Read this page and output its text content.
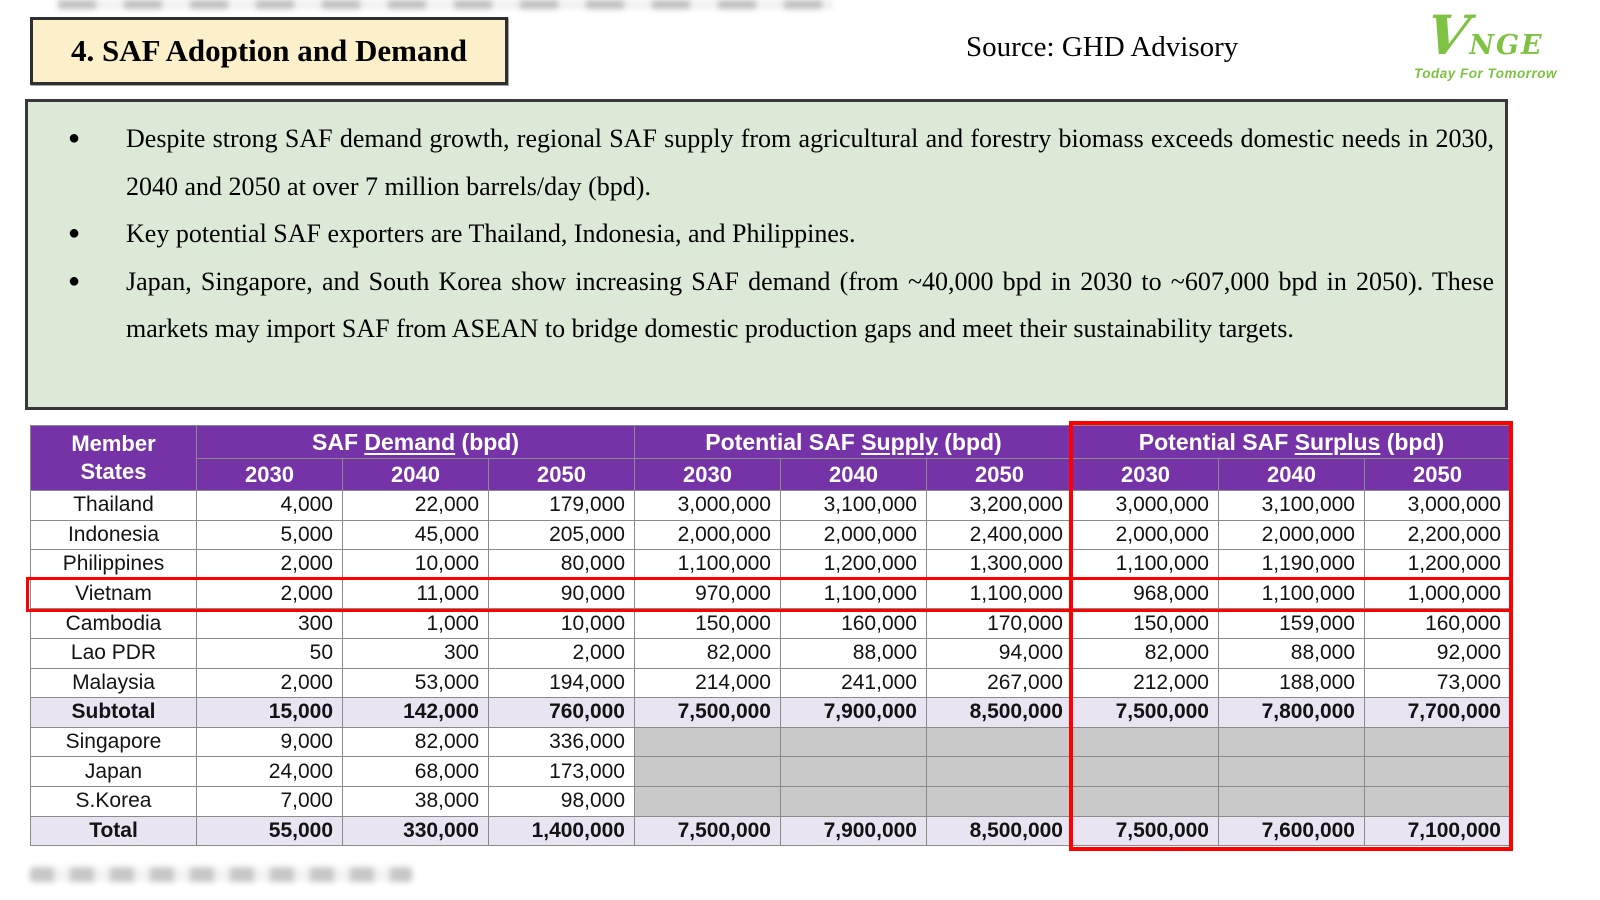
4. SAF Adoption and Demand	Source: GHD Advisory	VNGE
Today For Tomorrow
●	Despite strong SAF demand growth, regional SAF supply from agricultural and forestry biomass exceeds domestic needs in 2030, 2040 and 2050 at over 7 million barrels/day (bpd).
●	Key potential SAF exporters are Thailand, Indonesia, and Philippines.
●	Japan, Singapore, and South Korea show increasing SAF demand (from ~40,000 bpd in 2030 to ~607,000 bpd in 2050). These markets may import SAF from ASEAN to bridge domestic production gaps and meet their sustainability targets.
Member
States	SAF Demand (bpd)			Potential SAF Supply (bpd)			Potential SAF Surplus (bpd)		
	2030	2040	2050	2030	2040	2050	2030	2040	2050
Thailand	4,000	22,000	179,000	3,000,000	3,100,000	3,200,000	3,000,000	3,100,000	3,000,000
Indonesia	5,000	45,000	205,000	2,000,000	2,000,000	2,400,000	2,000,000	2,000,000	2,200,000
Philippines	2,000	10,000	80,000	1,100,000	1,200,000	1,300,000	1,100,000	1,190,000	1,200,000
Vietnam	2,000	11,000	90,000	970,000	1,100,000	1,100,000	968,000	1,100,000	1,000,000
Cambodia	300	1,000	10,000	150,000	160,000	170,000	150,000	159,000	160,000
Lao PDR	50	300	2,000	82,000	88,000	94,000	82,000	88,000	92,000
Malaysia	2,000	53,000	194,000	214,000	241,000	267,000	212,000	188,000	73,000
Subtotal	15,000	142,000	760,000	7,500,000	7,900,000	8,500,000	7,500,000	7,800,000	7,700,000
Singapore	9,000	82,000	336,000						
Japan	24,000	68,000	173,000						
S.Korea	7,000	38,000	98,000						
Total	55,000	330,000	1,400,000	7,500,000	7,900,000	8,500,000	7,500,000	7,600,000	7,100,000
